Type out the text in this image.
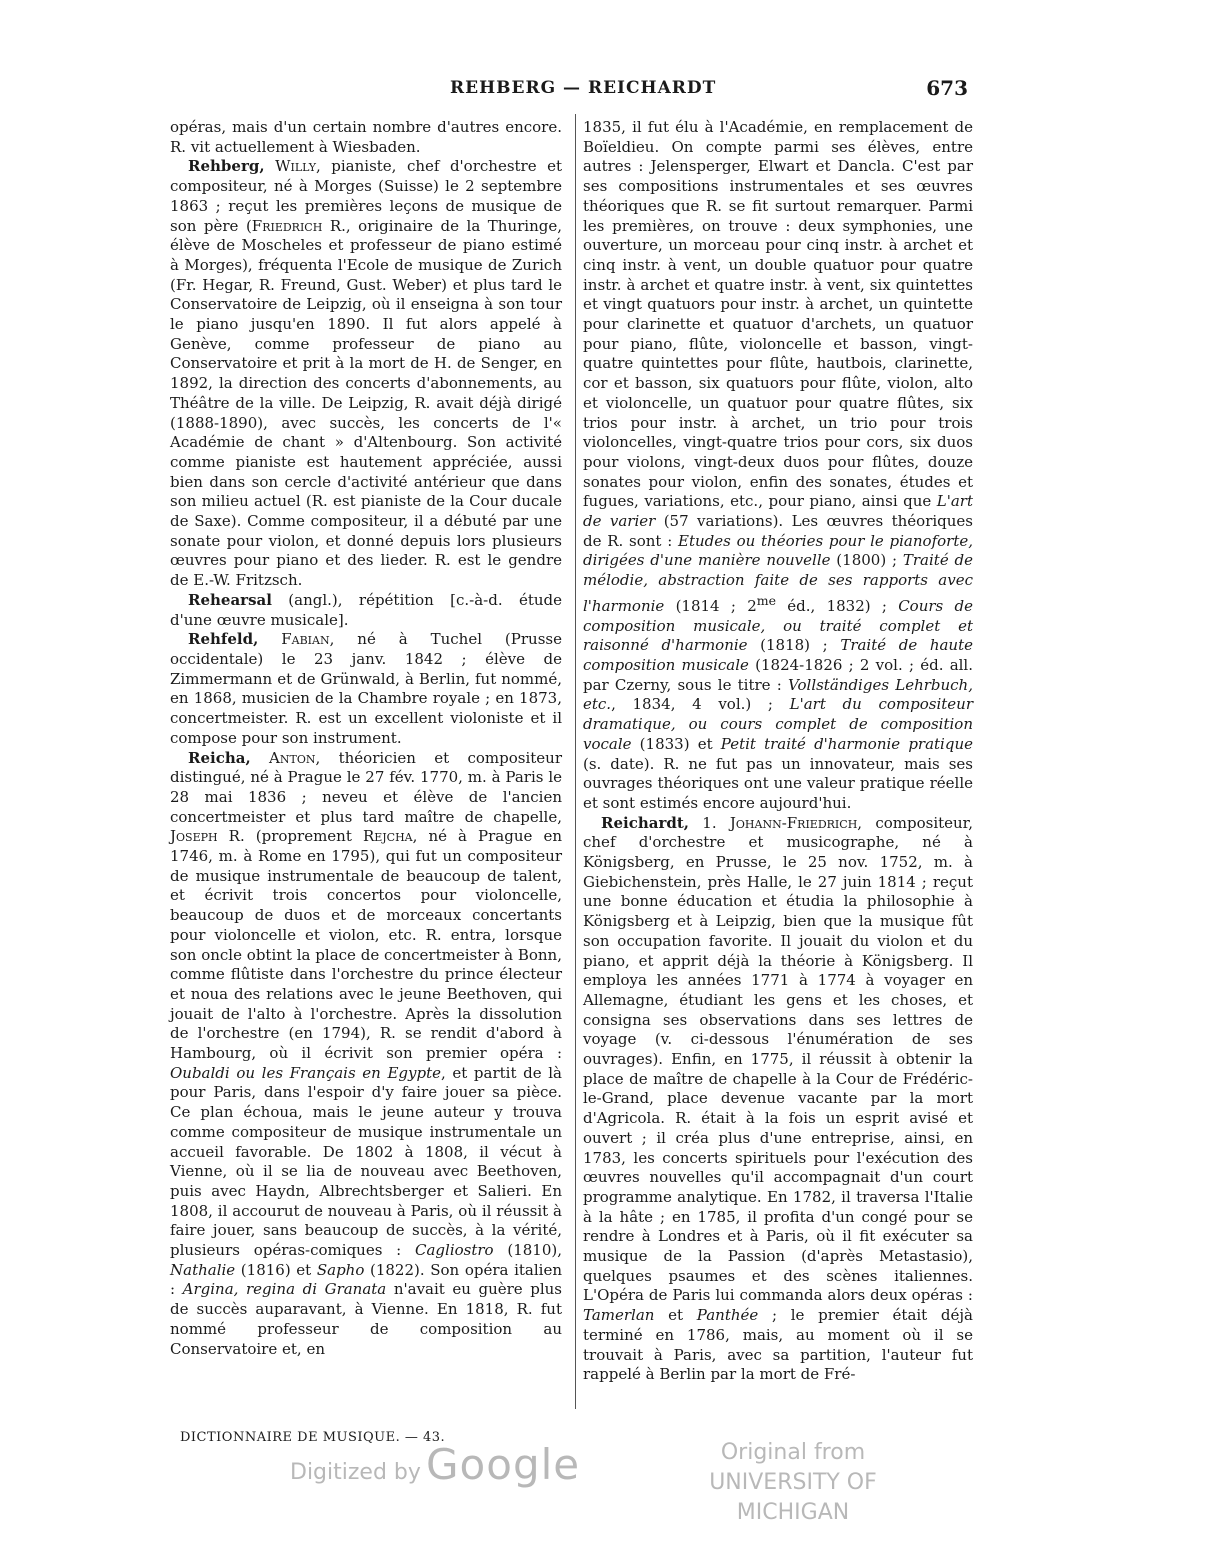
REHBERG — REICHARDT	673

opéras, mais d'un certain nombre d'autres encore. R. vit actuellement à Wiesbaden.

Rehberg, Willy, pianiste, chef d'orchestre et compositeur, né à Morges (Suisse) le 2 septembre 1863 ; reçut les premières leçons de musique de son père (Friedrich R., originaire de la Thuringe, élève de Moscheles et professeur de piano estimé à Morges), fréquenta l'Ecole de musique de Zurich (Fr. Hegar, R. Freund, Gust. Weber) et plus tard le Conservatoire de Leipzig, où il enseigna à son tour le piano jusqu'en 1890. Il fut alors appelé à Genève, comme professeur de piano au Conservatoire et prit à la mort de H. de Senger, en 1892, la direction des concerts d'abonnements, au Théâtre de la ville. De Leipzig, R. avait déjà dirigé (1888-1890), avec succès, les concerts de l'« Académie de chant » d'Altenbourg. Son activité comme pianiste est hautement appréciée, aussi bien dans son cercle d'activité antérieur que dans son milieu actuel (R. est pianiste de la Cour ducale de Saxe). Comme compositeur, il a débuté par une sonate pour violon, et donné depuis lors plusieurs œuvres pour piano et des lieder. R. est le gendre de E.-W. Fritzsch.

Rehearsal (angl.), répétition [c.-à-d. étude d'une œuvre musicale].

Rehfeld, Fabian, né à Tuchel (Prusse occidentale) le 23 janv. 1842 ; élève de Zimmermann et de Grünwald, à Berlin, fut nommé, en 1868, musicien de la Chambre royale ; en 1873, concertmeister. R. est un excellent violoniste et il compose pour son instrument.

Reicha, Anton, théoricien et compositeur distingué, né à Prague le 27 fév. 1770, m. à Paris le 28 mai 1836 ; neveu et élève de l'ancien concertmeister et plus tard maître de chapelle, Joseph R. (proprement Rejcha, né à Prague en 1746, m. à Rome en 1795), qui fut un compositeur de musique instrumentale de beaucoup de talent, et écrivit trois concertos pour violoncelle, beaucoup de duos et de morceaux concertants pour violoncelle et violon, etc. R. entra, lorsque son oncle obtint la place de concertmeister à Bonn, comme flûtiste dans l'orchestre du prince électeur et noua des relations avec le jeune Beethoven, qui jouait de l'alto à l'orchestre. Après la dissolution de l'orchestre (en 1794), R. se rendit d'abord à Hambourg, où il écrivit son premier opéra : Oubaldi ou les Français en Egypte, et partit de là pour Paris, dans l'espoir d'y faire jouer sa pièce. Ce plan échoua, mais le jeune auteur y trouva comme compositeur de musique instrumentale un accueil favorable. De 1802 à 1808, il vécut à Vienne, où il se lia de nouveau avec Beethoven, puis avec Haydn, Albrechtsberger et Salieri. En 1808, il accourut de nouveau à Paris, où il réussit à faire jouer, sans beaucoup de succès, à la vérité, plusieurs opéras-comiques : Cagliostro (1810), Nathalie (1816) et Sapho (1822). Son opéra italien : Argina, regina di Granata n'avait eu guère plus de succès auparavant, à Vienne. En 1818, R. fut nommé professeur de composition au Conservatoire et, en

1835, il fut élu à l'Académie, en remplacement de Boïeldieu. On compte parmi ses élèves, entre autres : Jelensperger, Elwart et Dancla. C'est par ses compositions instrumentales et ses œuvres théoriques que R. se fit surtout remarquer. Parmi les premières, on trouve : deux symphonies, une ouverture, un morceau pour cinq instr. à archet et cinq instr. à vent, un double quatuor pour quatre instr. à archet et quatre instr. à vent, six quintettes et vingt quatuors pour instr. à archet, un quintette pour clarinette et quatuor d'archets, un quatuor pour piano, flûte, violoncelle et basson, vingt-quatre quintettes pour flûte, hautbois, clarinette, cor et basson, six quatuors pour flûte, violon, alto et violoncelle, un quatuor pour quatre flûtes, six trios pour instr. à archet, un trio pour trois violoncelles, vingt-quatre trios pour cors, six duos pour violons, vingt-deux duos pour flûtes, douze sonates pour violon, enfin des sonates, études et fugues, variations, etc., pour piano, ainsi que L'art de varier (57 variations). Les œuvres théoriques de R. sont : Etudes ou théories pour le pianoforte, dirigées d'une manière nouvelle (1800) ; Traité de mélodie, abstraction faite de ses rapports avec l'harmonie (1814 ; $2^{me}$ éd., 1832) ; Cours de composition musicale, ou traité complet et raisonné d'harmonie (1818) ; Traité de haute composition musicale (1824-1826 ; 2 vol. ; éd. all. par Czerny, sous le titre : Vollständiges Lehrbuch, etc., 1834, 4 vol.) ; L'art du compositeur dramatique, ou cours complet de composition vocale (1833) et Petit traité d'harmonie pratique (s. date). R. ne fut pas un innovateur, mais ses ouvrages théoriques ont une valeur pratique réelle et sont estimés encore aujourd'hui.

Reichardt, 1. Johann-Friedrich, compositeur, chef d'orchestre et musicographe, né à Königsberg, en Prusse, le 25 nov. 1752, m. à Giebichenstein, près Halle, le 27 juin 1814 ; reçut une bonne éducation et étudia la philosophie à Königsberg et à Leipzig, bien que la musique fût son occupation favorite. Il jouait du violon et du piano, et apprit déjà la théorie à Königsberg. Il employa les années 1771 à 1774 à voyager en Allemagne, étudiant les gens et les choses, et consigna ses observations dans ses lettres de voyage (v. ci-dessous l'énumération de ses ouvrages). Enfin, en 1775, il réussit à obtenir la place de maître de chapelle à la Cour de Frédéric-le-Grand, place devenue vacante par la mort d'Agricola. R. était à la fois un esprit avisé et ouvert ; il créa plus d'une entreprise, ainsi, en 1783, les concerts spirituels pour l'exécution des œuvres nouvelles qu'il accompagnait d'un court programme analytique. En 1782, il traversa l'Italie à la hâte ; en 1785, il profita d'un congé pour se rendre à Londres et à Paris, où il fit exécuter sa musique de la Passion (d'après Metastasio), quelques psaumes et des scènes italiennes. L'Opéra de Paris lui commanda alors deux opéras : Tamerlan et Panthée ; le premier était déjà terminé en 1786, mais, au moment où il se trouvait à Paris, avec sa partition, l'auteur fut rappelé à Berlin par la mort de Fré-

DICTIONNAIRE DE MUSIQUE. — 43.
Digitized by Google	Original from
UNIVERSITY OF MICHIGAN
